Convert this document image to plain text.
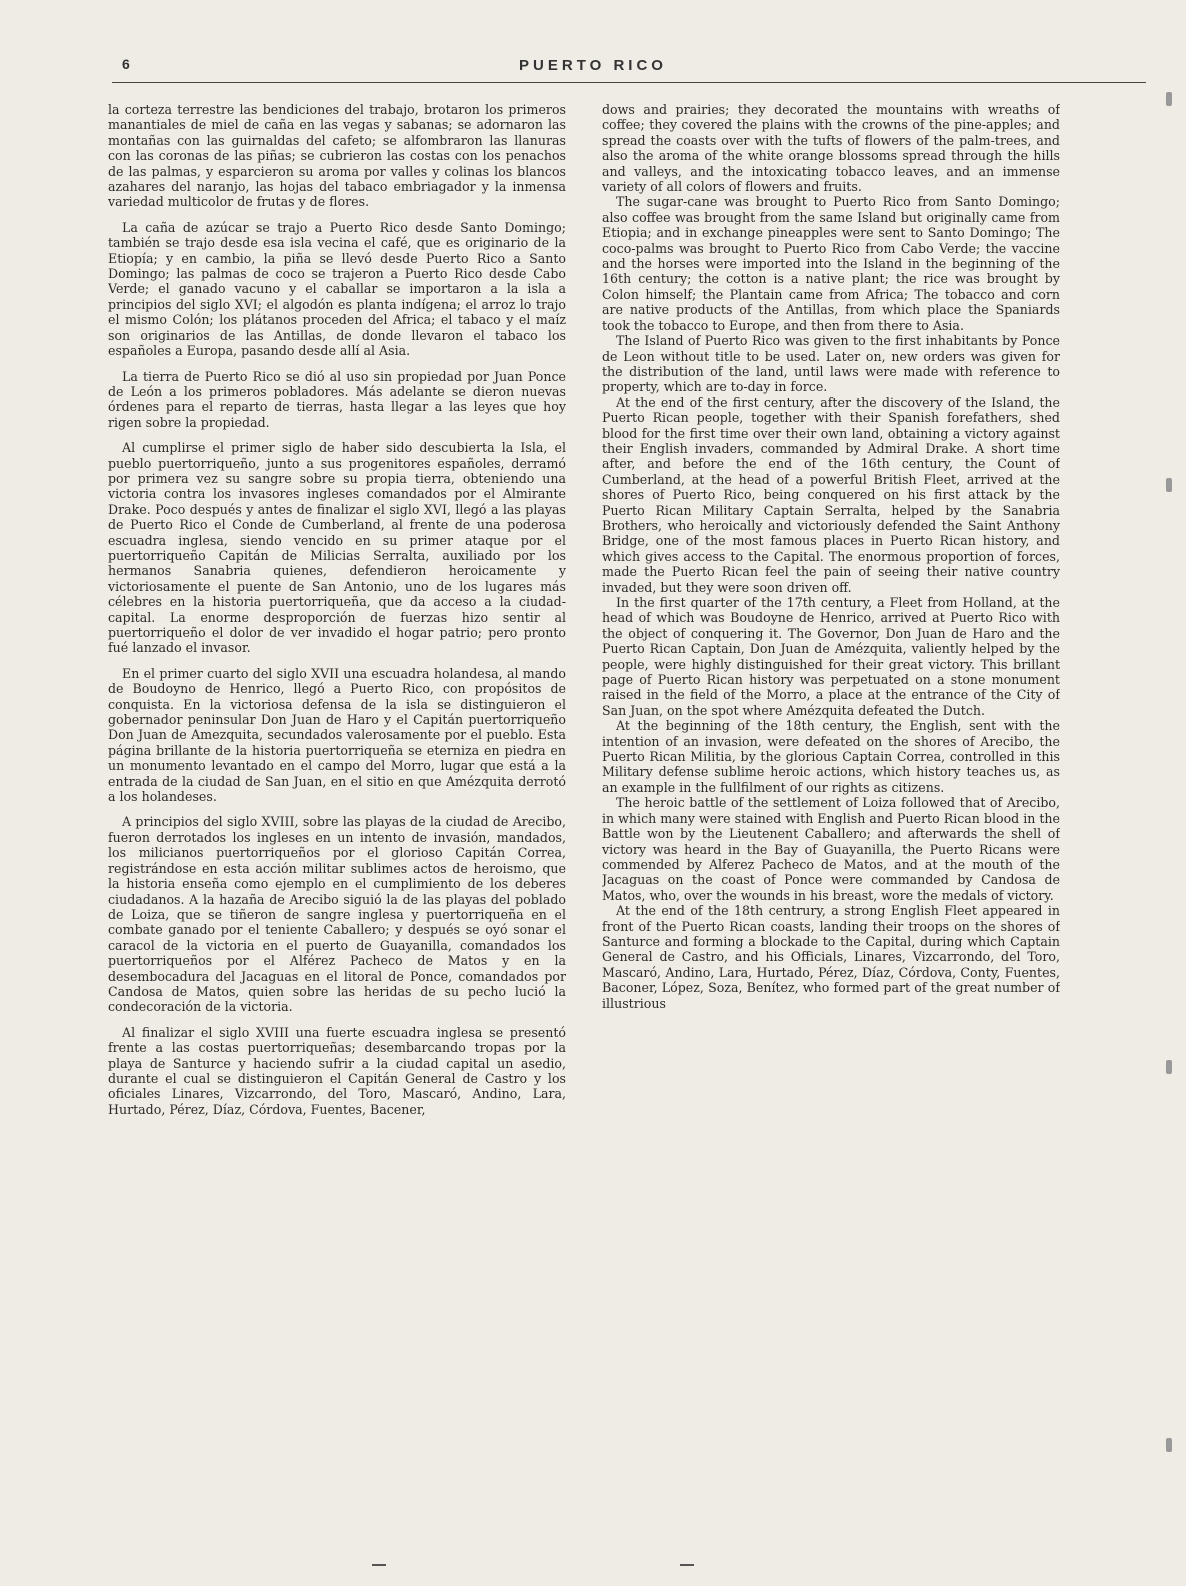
6	PUERTO RICO

la corteza terrestre las bendiciones del trabajo, brotaron los primeros manantiales de miel de caña en las vegas y sabanas; se adornaron las montañas con las guirnaldas del cafeto; se alfombraron las llanuras con las coronas de las piñas; se cubrieron las costas con los penachos de las palmas, y esparcieron su aroma por valles y colinas los blancos azahares del naranjo, las hojas del tabaco embriagador y la inmensa variedad multicolor de frutas y de flores.

La caña de azúcar se trajo a Puerto Rico desde Santo Domingo; también se trajo desde esa isla vecina el café, que es originario de la Etiopía; y en cambio, la piña se llevó desde Puerto Rico a Santo Domingo; las palmas de coco se trajeron a Puerto Rico desde Cabo Verde; el ganado vacuno y el caballar se importaron a la isla a principios del siglo XVI; el algodón es planta indígena; el arroz lo trajo el mismo Colón; los plátanos proceden del Africa; el tabaco y el maíz son originarios de las Antillas, de donde llevaron el tabaco los españoles a Europa, pasando desde allí al Asia.

La tierra de Puerto Rico se dió al uso sin propiedad por Juan Ponce de León a los primeros pobladores. Más adelante se dieron nuevas órdenes para el reparto de tierras, hasta llegar a las leyes que hoy rigen sobre la propiedad.

Al cumplirse el primer siglo de haber sido descubierta la Isla, el pueblo puertorriqueño, junto a sus progenitores españoles, derramó por primera vez su sangre sobre su propia tierra, obteniendo una victoria contra los invasores ingleses comandados por el Almirante Drake. Poco después y antes de finalizar el siglo XVI, llegó a las playas de Puerto Rico el Conde de Cumberland, al frente de una poderosa escuadra inglesa, siendo vencido en su primer ataque por el puertorriqueño Capitán de Milicias Serralta, auxiliado por los hermanos Sanabria quienes, defendieron heroicamente y victoriosamente el puente de San Antonio, uno de los lugares más célebres en la historia puertorriqueña, que da acceso a la ciudad-capital. La enorme desproporción de fuerzas hizo sentir al puertorriqueño el dolor de ver invadido el hogar patrio; pero pronto fué lanzado el invasor.

En el primer cuarto del siglo XVII una escuadra holandesa, al mando de Boudoyno de Henrico, llegó a Puerto Rico, con propósitos de conquista. En la victoriosa defensa de la isla se distinguieron el gobernador peninsular Don Juan de Haro y el Capitán puertorriqueño Don Juan de Amezquita, secundados valerosamente por el pueblo. Esta página brillante de la historia puertorriqueña se eterniza en piedra en un monumento levantado en el campo del Morro, lugar que está a la entrada de la ciudad de San Juan, en el sitio en que Amézquita derrotó a los holandeses.

A principios del siglo XVIII, sobre las playas de la ciudad de Arecibo, fueron derrotados los ingleses en un intento de invasión, mandados, los milicianos puertorriqueños por el glorioso Capitán Correa, registrándose en esta acción militar sublimes actos de heroismo, que la historia enseña como ejemplo en el cumplimiento de los deberes ciudadanos. A la hazaña de Arecibo siguió la de las playas del poblado de Loiza, que se tiñeron de sangre inglesa y puertorriqueña en el combate ganado por el teniente Caballero; y después se oyó sonar el caracol de la victoria en el puerto de Guayanilla, comandados los puertorriqueños por el Alférez Pacheco de Matos y en la desembocadura del Jacaguas en el litoral de Ponce, comandados por Candosa de Matos, quien sobre las heridas de su pecho lució la condecoración de la victoria.

Al finalizar el siglo XVIII una fuerte escuadra inglesa se presentó frente a las costas puertorriqueñas; desembarcando tropas por la playa de Santurce y haciendo sufrir a la ciudad capital un asedio, durante el cual se distinguieron el Capitán General de Castro y los oficiales Linares, Vizcarrondo, del Toro, Mascaró, Andino, Lara, Hurtado, Pérez, Díaz, Córdova, Fuentes, Bacener,

dows and prairies; they decorated the mountains with wreaths of coffee; they covered the plains with the crowns of the pine-apples; and spread the coasts over with the tufts of flowers of the palm-trees, and also the aroma of the white orange blossoms spread through the hills and valleys, and the intoxicating tobacco leaves, and an immense variety of all colors of flowers and fruits.

The sugar-cane was brought to Puerto Rico from Santo Domingo; also coffee was brought from the same Island but originally came from Etiopia; and in exchange pineapples were sent to Santo Domingo; The coco-palms was brought to Puerto Rico from Cabo Verde; the vaccine and the horses were imported into the Island in the beginning of the 16th century; the cotton is a native plant; the rice was brought by Colon himself; the Plantain came from Africa; The tobacco and corn are native products of the Antillas, from which place the Spaniards took the tobacco to Europe, and then from there to Asia.

The Island of Puerto Rico was given to the first inhabitants by Ponce de Leon without title to be used. Later on, new orders was given for the distribution of the land, until laws were made with reference to property, which are to-day in force.

At the end of the first century, after the discovery of the Island, the Puerto Rican people, together with their Spanish forefathers, shed blood for the first time over their own land, obtaining a victory against their English invaders, commanded by Admiral Drake. A short time after, and before the end of the 16th century, the Count of Cumberland, at the head of a powerful British Fleet, arrived at the shores of Puerto Rico, being conquered on his first attack by the Puerto Rican Military Captain Serralta, helped by the Sanabria Brothers, who heroically and victoriously defended the Saint Anthony Bridge, one of the most famous places in Puerto Rican history, and which gives access to the Capital. The enormous proportion of forces, made the Puerto Rican feel the pain of seeing their native country invaded, but they were soon driven off.

In the first quarter of the 17th century, a Fleet from Holland, at the head of which was Boudoyne de Henrico, arrived at Puerto Rico with the object of conquering it. The Governor, Don Juan de Haro and the Puerto Rican Captain, Don Juan de Amézquita, valiently helped by the people, were highly distinguished for their great victory. This brillant page of Puerto Rican history was perpetuated on a stone monument raised in the field of the Morro, a place at the entrance of the City of San Juan, on the spot where Amézquita defeated the Dutch.

At the beginning of the 18th century, the English, sent with the intention of an invasion, were defeated on the shores of Arecibo, the Puerto Rican Militia, by the glorious Captain Correa, controlled in this Military defense sublime heroic actions, which history teaches us, as an example in the fullfilment of our rights as citizens.

The heroic battle of the settlement of Loiza followed that of Arecibo, in which many were stained with English and Puerto Rican blood in the Battle won by the Lieutenent Caballero; and afterwards the shell of victory was heard in the Bay of Guayanilla, the Puerto Ricans were commended by Alferez Pacheco de Matos, and at the mouth of the Jacaguas on the coast of Ponce were commanded by Candosa de Matos, who, over the wounds in his breast, wore the medals of victory.

At the end of the 18th centrury, a strong English Fleet appeared in front of the Puerto Rican coasts, landing their troops on the shores of Santurce and forming a blockade to the Capital, during which Captain General de Castro, and his Officials, Linares, Vizcarrondo, del Toro, Mascaró, Andino, Lara, Hurtado, Pérez, Díaz, Córdova, Conty, Fuentes, Baconer, López, Soza, Benítez, who formed part of the great number of illustrious
